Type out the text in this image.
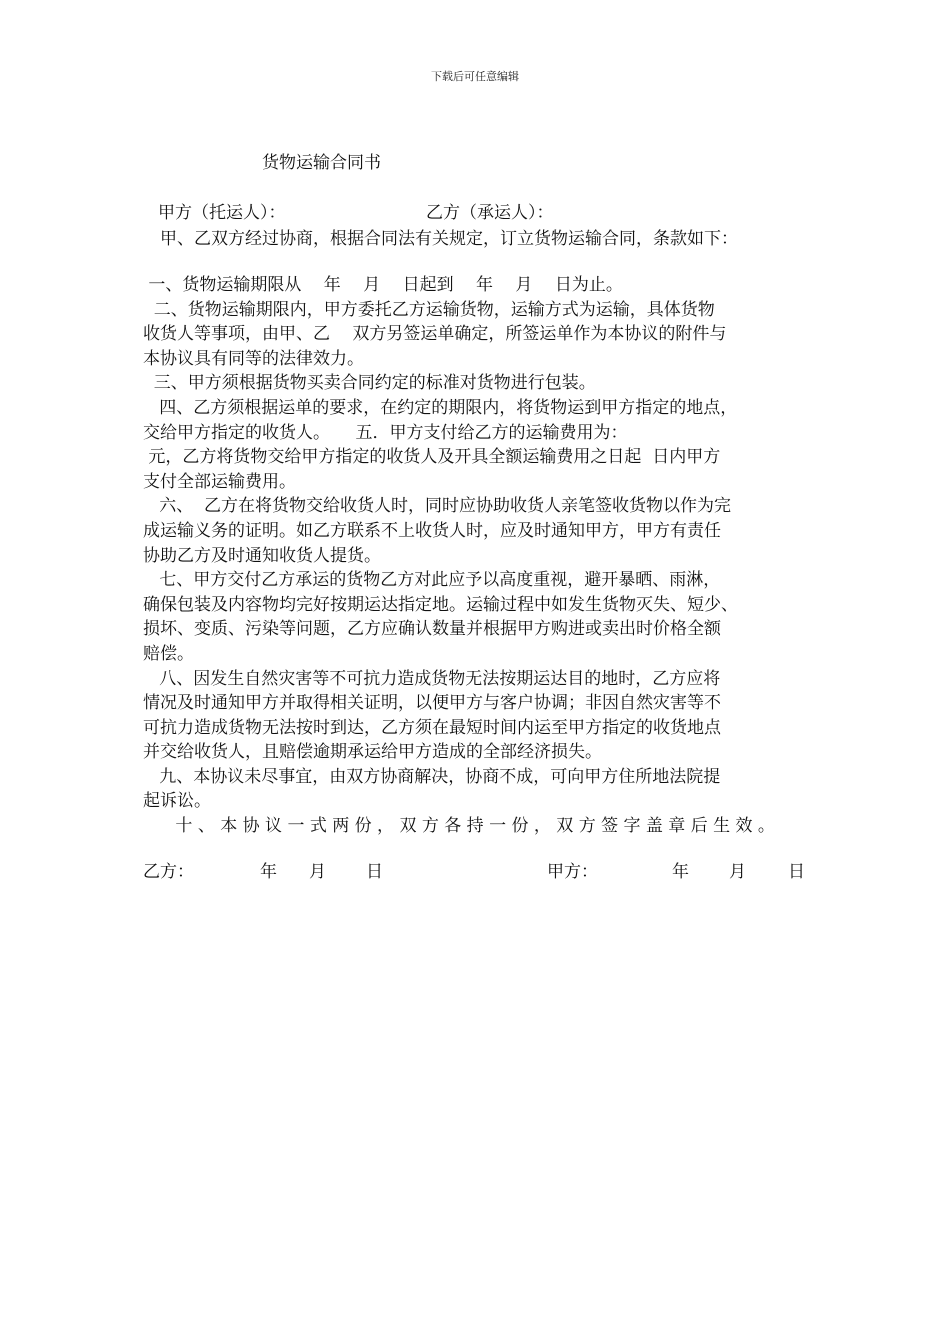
下载后可任意编辑
货物运输合同书
甲方（托运人）：	乙方（承运人）：
甲、乙双方经过协商，根据合同法有关规定，订立货物运输合同，条款如下：
一、货物运输期限从　 年　 月　 日起到　 年　 月　 日为止。
二、货物运输期限内，甲方委托乙方运输货物，运输方式为运输，具体货物
收货人等事项，由甲、乙　 双方另签运单确定，所签运单作为本协议的附件与
本协议具有同等的法律效力。
三、甲方须根据货物买卖合同约定的标准对货物进行包装。
四、乙方须根据运单的要求，在约定的期限内，将货物运到甲方指定的地点，
交给甲方指定的收货人。　　五．甲方支付给乙方的运输费用为：
元，乙方将货物交给甲方指定的收货人及开具全额运输费用之日起  日内甲方
支付全部运输费用。
六、  乙方在将货物交给收货人时，同时应协助收货人亲笔签收货物以作为完
成运输义务的证明。如乙方联系不上收货人时，应及时通知甲方，甲方有责任
协助乙方及时通知收货人提货。
七、甲方交付乙方承运的货物乙方对此应予以高度重视，避开暴晒、雨淋，
确保包装及内容物均完好按期运达指定地。运输过程中如发生货物灭失、短少、
损坏、变质、污染等问题，乙方应确认数量并根据甲方购进或卖出时价格全额
赔偿。
八、因发生自然灾害等不可抗力造成货物无法按期运达目的地时，乙方应将
情况及时通知甲方并取得相关证明，以便甲方与客户协调；非因自然灾害等不
可抗力造成货物无法按时到达，乙方须在最短时间内运至甲方指定的收货地点
并交给收货人，且赔偿逾期承运给甲方造成的全部经济损失。
九、本协议未尽事宜，由双方协商解决，协商不成，可向甲方住所地法院提
起诉讼。
十 、 本 协 议 一 式 两 份 ， 双 方 各 持 一 份 ， 双 方 签 字 盖 章 后 生 效 。
乙方：	年 月 日	甲方：	年 月 日
